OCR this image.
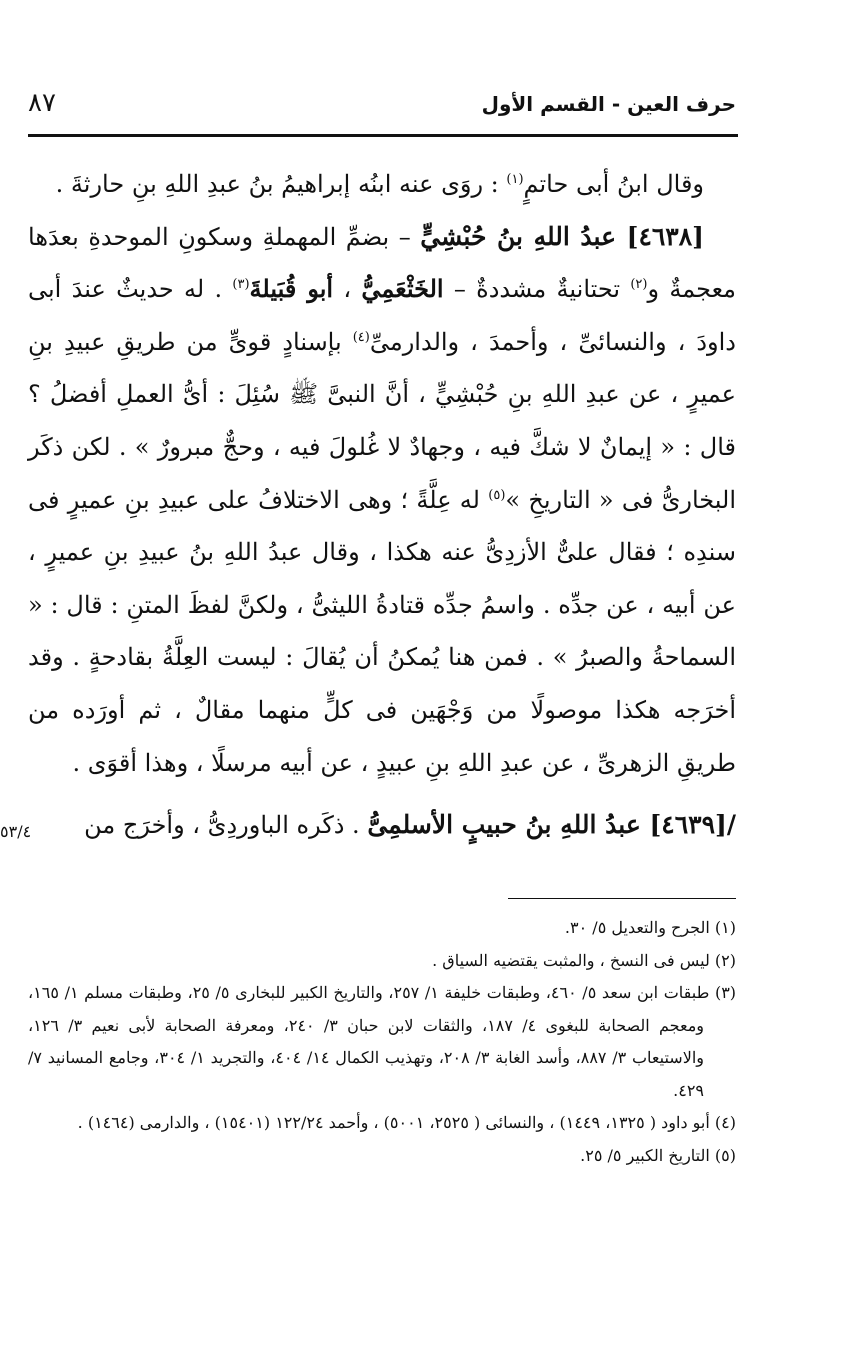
حرف العين - القسم الأول
٨٧

وقال ابنُ أبى حاتمٍ$^{(١)}$ : روَى عنه ابنُه إبراهيمُ بنُ عبدِ اللهِ بنِ حارثةَ .

[٤٦٣٨] عبدُ اللهِ بنُ حُبْشِيٍّ – بضمِّ المهملةِ وسكونِ الموحدةِ بعدَها معجمةٌ و$^{(٢)}$ تحتانيةٌ مشددةٌ – الخَثْعَمِيُّ ، أبو قُبَيلةَ$^{(٣)}$ . له حديثٌ عندَ أبى داودَ ، والنسائىِّ ، وأحمدَ ، والدارمىِّ$^{(٤)}$ بإسنادٍ قوىٍّ من طريقِ عبيدِ بنِ عميرٍ ، عن عبدِ اللهِ بنِ حُبْشِيٍّ ، أنَّ النبىَّ ﷺ سُئِلَ : أىُّ العملِ أفضلُ ؟ قال : « إيمانٌ لا شكَّ فيه ، وجهادٌ لا غُلولَ فيه ، وحجٌّ مبرورٌ » . لكن ذكَر البخارىُّ فى « التاريخِ »$^{(٥)}$ له عِلَّةً ؛ وهى الاختلافُ على عبيدِ بنِ عميرٍ فى سندِه ؛ فقال علىٌّ الأزدِىُّ عنه هكذا ، وقال عبدُ اللهِ بنُ عبيدِ بنِ عميرٍ ، عن أبيه ، عن جدِّه . واسمُ جدِّه قتادةُ الليثىُّ ، ولكنَّ لفظَ المتنِ : قال : « السماحةُ والصبرُ » . فمن هنا يُمكنُ أن يُقالَ : ليست العِلَّةُ بقادحةٍ . وقد أخرَجه هكذا موصولًا من وَجْهَين فى كلٍّ منهما مقالٌ ، ثم أورَده من طريقِ الزهرىِّ ، عن عبدِ اللهِ بنِ عبيدٍ ، عن أبيه مرسلًا ، وهذا أقوَى .

/[٤٦٣٩] عبدُ اللهِ بنُ حبيبٍ الأسلمِىُّ . ذكَره الباوردِىُّ ، وأخرَج من

٥٣/٤

(١) الجرح والتعديل ٥/ ٣٠.

(٢) ليس فى النسخ ، والمثبت يقتضيه السياق .

(٣) طبقات ابن سعد ٥/ ٤٦٠، وطبقات خليفة ١/ ٢٥٧، والتاريخ الكبير للبخارى ٥/ ٢٥، وطبقات مسلم ١/ ١٦٥، ومعجم الصحابة للبغوى ٤/ ١٨٧، والثقات لابن حبان ٣/ ٢٤٠، ومعرفة الصحابة لأبى نعيم ٣/ ١٢٦، والاستيعاب ٣/ ٨٨٧، وأسد الغابة ٣/ ٢٠٨، وتهذيب الكمال ١٤/ ٤٠٤، والتجريد ١/ ٣٠٤، وجامع المسانيد ٧/ ٤٢٩.

(٤) أبو داود ( ١٣٢٥، ١٤٤٩) ، والنسائى ( ٢٥٢٥، ٥٠٠١) ، وأحمد ١٢٢/٢٤ (١٥٤٠١) ، والدارمى (١٤٦٤) .

(٥) التاريخ الكبير ٥/ ٢٥.
